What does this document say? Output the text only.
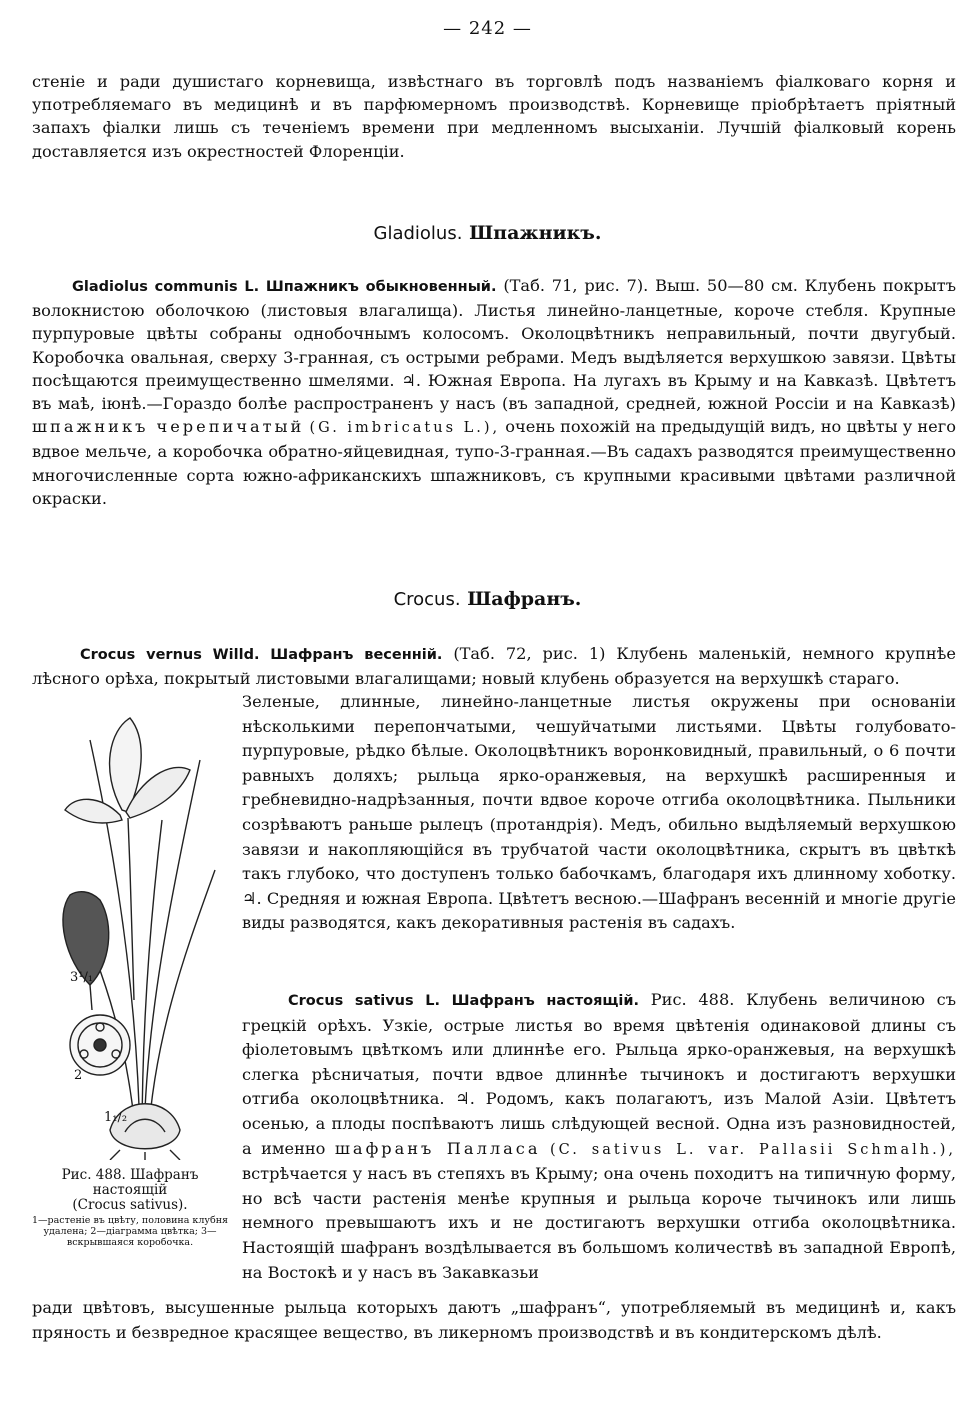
— 242 —

стеніе и ради душистаго корневища, извѣстнаго въ торговлѣ подъ названіемъ фіалковаго корня и употребляемаго въ медицинѣ и въ парфюмерномъ производствѣ. Корневище пріобрѣтаетъ пріятный запахъ фіалки лишь съ теченіемъ времени при медленномъ высыханіи. Лучшій фіалковый корень доставляется изъ окрестностей Флоренціи.

Gladiolus. Шпажникъ.

Gladiolus communis L. Шпажникъ обыкновенный. (Таб. 71, рис. 7). Выш. 50—80 см. Клубень покрытъ волокнистою оболочкою (листовыя влагалища). Листья линейно-ланцетные, короче стебля. Крупные пурпуровые цвѣты собраны однобочнымъ колосомъ. Околоцвѣтникъ неправильный, почти двугубый. Коробочка овальная, сверху 3-гранная, съ острыми ребрами. Медъ выдѣляется верхушкою завязи. Цвѣты посѣщаются преимущественно шмелями. ♃. Южная Европа. На лугахъ въ Крыму и на Кавказѣ. Цвѣтетъ въ маѣ, іюнѣ.—Гораздо болѣе распространенъ у насъ (въ западной, средней, южной Россіи и на Кавказѣ) шпажникъ черепичатый (G. imbricatus L.), очень похожій на предыдущій видъ, но цвѣты у него вдвое мельче, а коробочка обратно-яйцевидная, тупо-3-гранная.—Въ садахъ разводятся преимущественно многочисленные сорта южно-африканскихъ шпажниковъ, съ крупными красивыми цвѣтами различной окраски.

Crocus. Шафранъ.

Crocus vernus Willd. Шафранъ весенній. (Таб. 72, рис. 1) Клубень маленькій, немного крупнѣе лѣсного орѣха, покрытый листовыми влагалищами; новый клубень образуется на верхушкѣ стараго.

Зеленые, длинные, линейно-ланцетные листья окружены при основаніи нѣсколькими перепончатыми, чешуйчатыми листьями. Цвѣты голубовато-пурпуровые, рѣдко бѣлые. Околоцвѣтникъ воронковидный, правильный, о 6 почти равныхъ доляхъ; рыльца ярко-оранжевыя, на верхушкѣ расширенныя и гребневидно-надрѣзанныя, почти вдвое короче отгиба околоцвѣтника. Пыльники созрѣваютъ раньше рылецъ (протандрія). Медъ, обильно выдѣляемый верхушкою завязи и накопляющійся въ трубчатой части околоцвѣтника, скрытъ въ цвѣткѣ такъ глубоко, что доступенъ только бабочкамъ, благодаря ихъ длинному хоботку. ♃. Средняя и южная Европа. Цвѣтетъ весною.—Шафранъ весенній и многіе другіе виды разводятся, какъ декоративныя растенія въ садахъ.

Crocus sativus L. Шафранъ настоящій. Рис. 488. Клубень величиною съ грецкій орѣхъ. Узкіе, острые листья во время цвѣтенія одинаковой длины съ фіолетовымъ цвѣткомъ или длиннѣе его. Рыльца ярко-оранжевыя, на верхушкѣ слегка рѣсничатыя, почти вдвое длиннѣе тычинокъ и достигаютъ верхушки отгиба околоцвѣтника. ♃. Родомъ, какъ полагаютъ, изъ Малой Азіи. Цвѣтетъ осенью, а плоды поспѣваютъ лишь слѣдующей весной. Одна изъ разновидностей, а именно шафранъ Палласа (C. sativus L. var. Pallasii Schmalh.), встрѣчается у насъ въ степяхъ въ Крыму; она очень походитъ на типичную форму, но всѣ части растенія менѣе крупныя и рыльца короче тычинокъ или лишь немного превышаютъ ихъ и не достигаютъ верхушки отгиба околоцвѣтника. Настоящій шафранъ воздѣлывается въ большомъ количествѣ въ западной Европѣ, на Востокѣ и у насъ въ Закавказьи

ради цвѣтовъ, высушенные рыльца которыхъ даютъ „шафранъ“, употребляемый въ медицинѣ и, какъ пряность и безвредное красящее вещество, въ ликерномъ производствѣ и въ кондитерскомъ дѣлѣ.

3¹/₁
2
1₁/₂
Рис. 488. Шафранъ настоящій
(Crocus sativus).
1—растеніе въ цвѣту, половина клубня удалена; 2—діаграмма цвѣтка; 3—вскрывшаяся коробочка.
